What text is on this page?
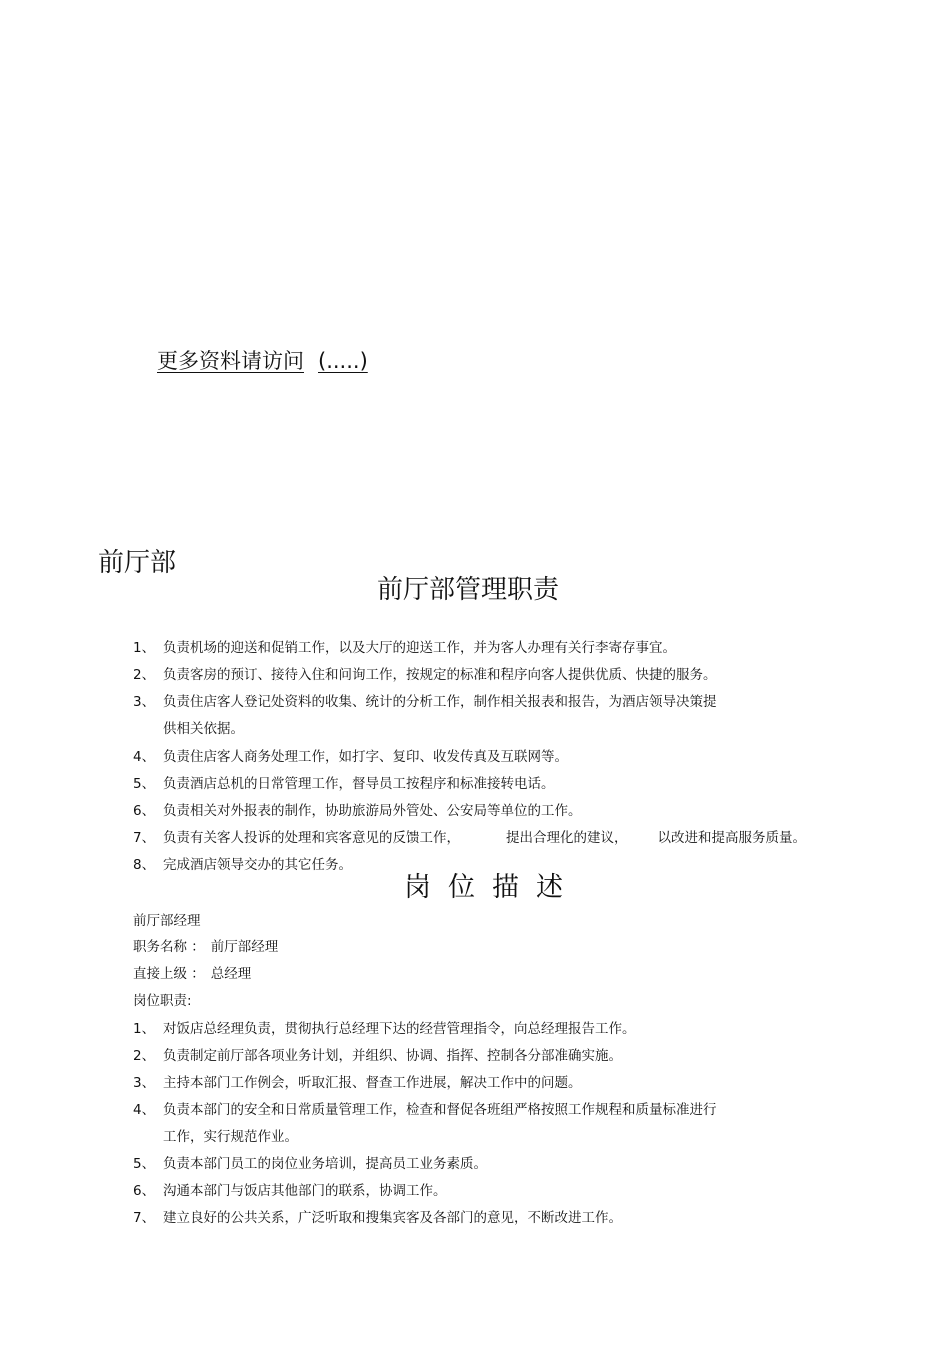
更多资料请访问 (.....)
前厅部
前厅部管理职责
1、 负责机场的迎送和促销工作，以及大厅的迎送工作，并为客人办理有关行李寄存事宜。
2、 负责客房的预订、接待入住和问询工作，按规定的标准和程序向客人提供优质、快捷的服务。
3、 负责住店客人登记处资料的收集、统计的分析工作，制作相关报表和报告，为酒店领导决策提
供相关依据。
4、 负责住店客人商务处理工作，如打字、复印、收发传真及互联网等。
5、 负责酒店总机的日常管理工作，督导员工按程序和标准接转电话。
6、 负责相关对外报表的制作，协助旅游局外管处、公安局等单位的工作。
7、 负责有关客人投诉的处理和宾客意见的反馈工作，	提出合理化的建议， 以改进和提高服务质量。
8、 完成酒店领导交办的其它任务。
岗位描述
前厅部经理
职务名称 ： 前厅部经理
直接上级 ： 总经理
岗位职责:
1、 对饭店总经理负责，贯彻执行总经理下达的经营管理指令，向总经理报告工作。
2、 负责制定前厅部各项业务计划，并组织、协调、指挥、控制各分部准确实施。
3、 主持本部门工作例会，听取汇报、督查工作进展，解决工作中的问题。
4、 负责本部门的安全和日常质量管理工作，检查和督促各班组严格按照工作规程和质量标准进行
工作，实行规范作业。
5、 负责本部门员工的岗位业务培训，提高员工业务素质。
6、 沟通本部门与饭店其他部门的联系，协调工作。
7、 建立良好的公共关系，广泛听取和搜集宾客及各部门的意见，不断改进工作。
